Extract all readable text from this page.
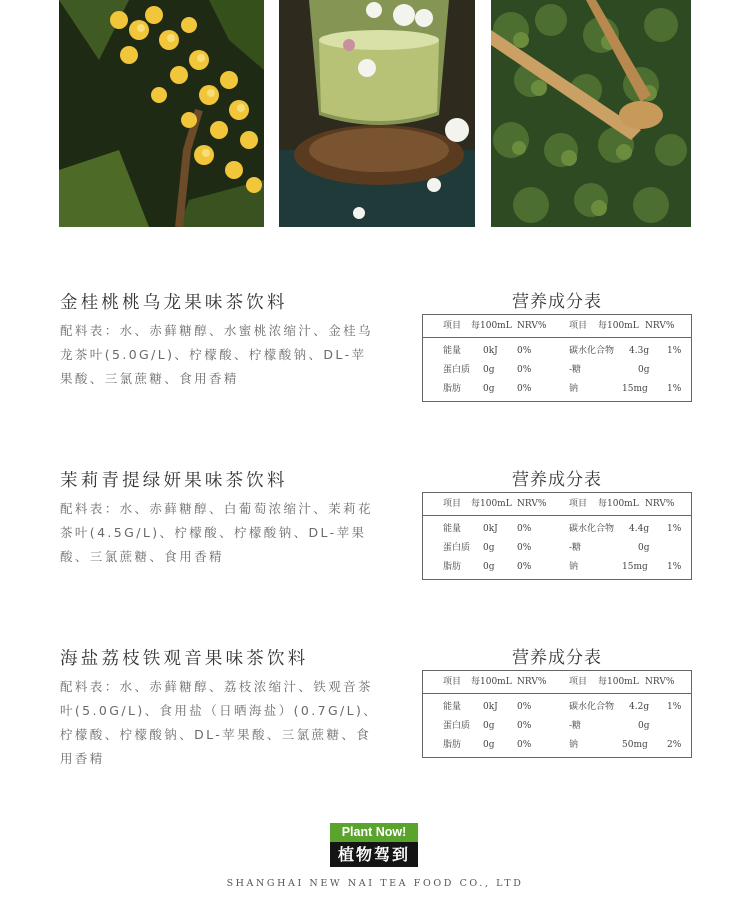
金桂桃桃乌龙果味茶饮料

配料表：水、赤藓糖醇、水蜜桃浓缩汁、金桂乌龙茶叶(5.0G/L)、柠檬酸、柠檬酸钠、DL-苹果酸、三氯蔗糖、食用香精

营养成分表
项目 每100mL NRV%	项目 每100mL NRV%
能量 0kJ 0%	碳水化合物 4.3g 1%
蛋白质 0g	0%	-糖	0g
脂肪 0g	0%	钠	15mg 1%
茉莉青提绿妍果味茶饮料

配料表：水、赤藓糖醇、白葡萄浓缩汁、茉莉花茶叶(4.5G/L)、柠檬酸、柠檬酸钠、DL-苹果酸、三氯蔗糖、食用香精

营养成分表
项目 每100mL NRV%	项目 每100mL NRV%
能量 0kJ 0%	碳水化合物 4.4g 1%
蛋白质 0g	0%	-糖	0g
脂肪 0g	0%	钠	15mg 1%
海盐荔枝铁观音果味茶饮料

配料表：水、赤藓糖醇、荔枝浓缩汁、铁观音茶叶(5.0G/L)、食用盐（日晒海盐）(0.7G/L)、柠檬酸、柠檬酸钠、DL-苹果酸、三氯蔗糖、食用香精

营养成分表
项目 每100mL NRV%	项目 每100mL NRV%
能量 0kJ 0%	碳水化合物 4.2g 1%
蛋白质 0g	0%	-糖	0g
脂肪 0g	0%	钠	50mg 2%
Plant Now!
植物驾到
SHANGHAI NEW NAI TEA FOOD CO., LTD
